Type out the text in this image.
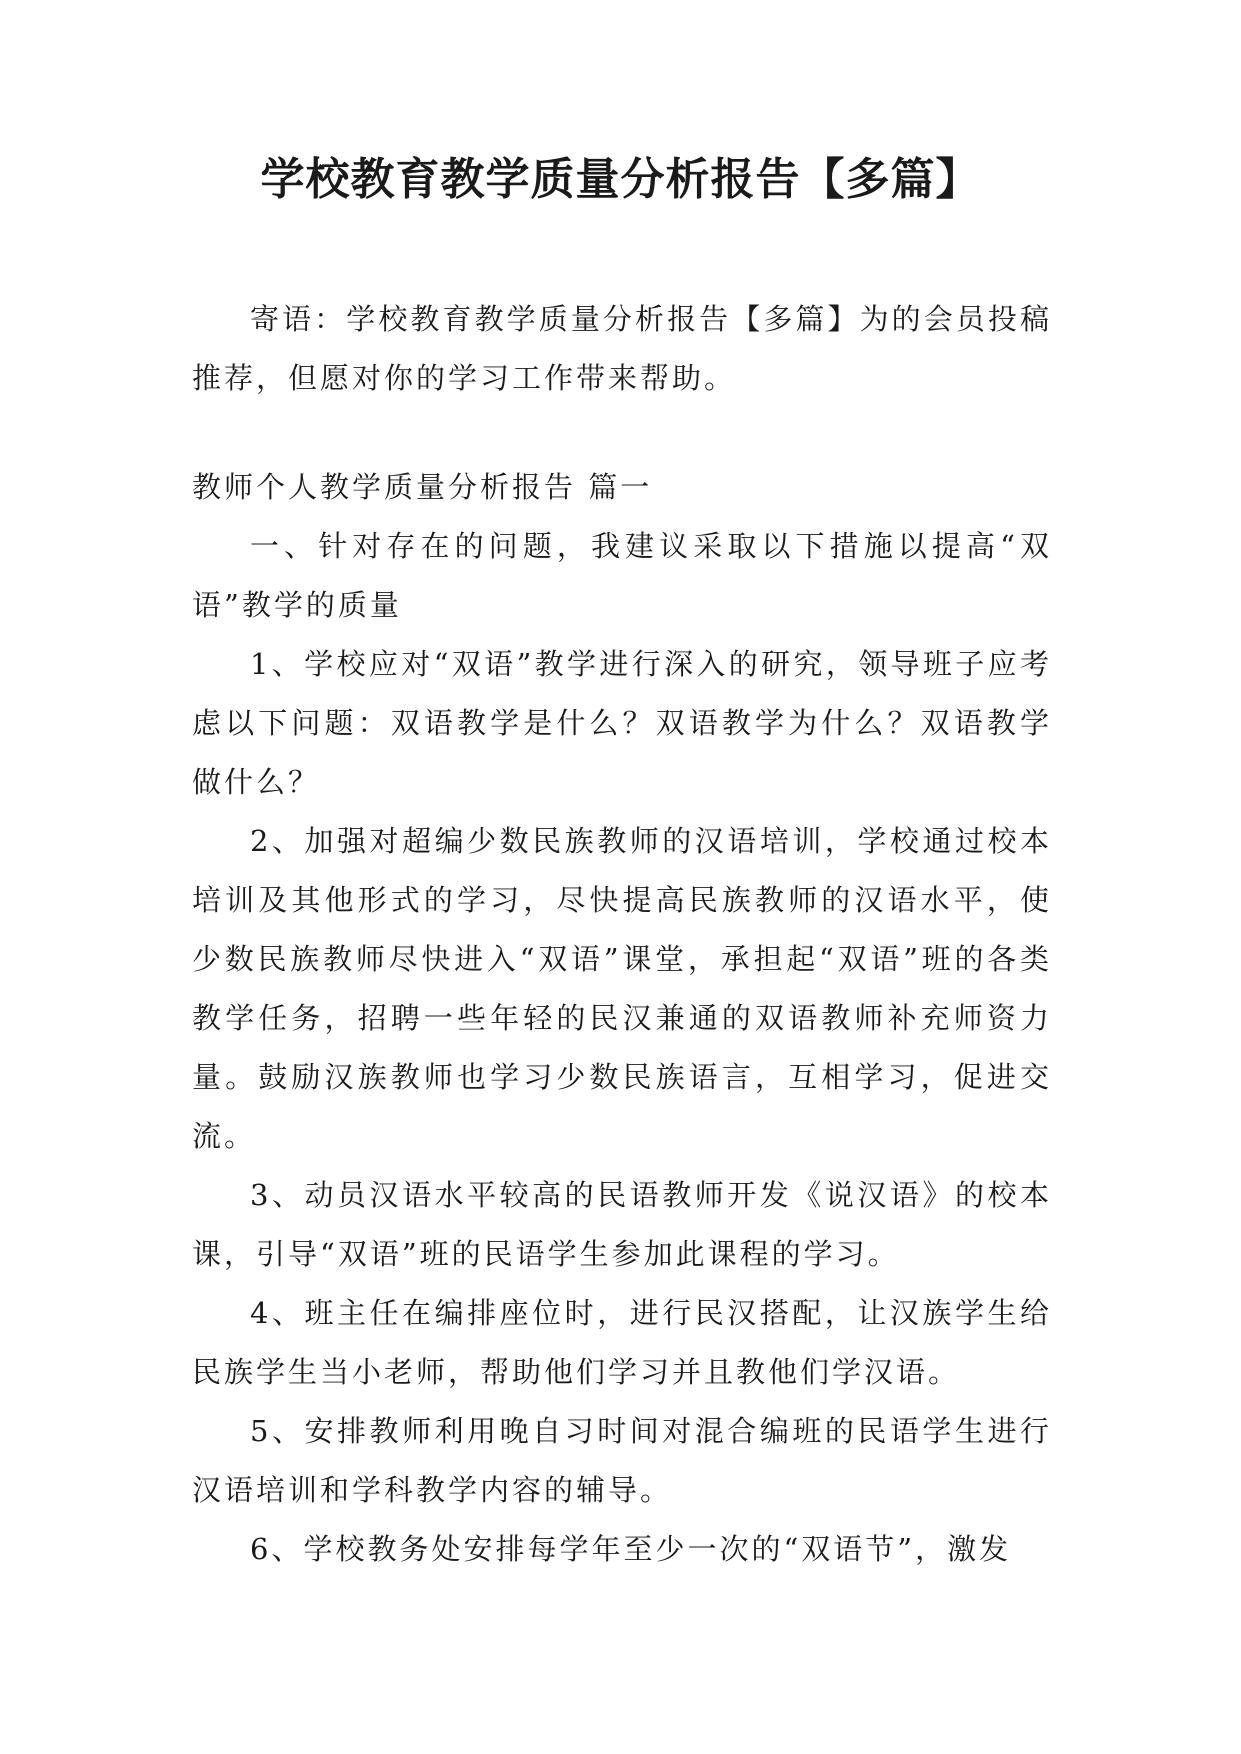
学校教育教学质量分析报告【多篇】

寄语：学校教育教学质量分析报告【多篇】为的会员投稿推荐，但愿对你的学习工作带来帮助。

教师个人教学质量分析报告 篇一

一、针对存在的问题，我建议采取以下措施以提高“双语”教学的质量

1、学校应对“双语”教学进行深入的研究，领导班子应考虑以下问题：双语教学是什么？双语教学为什么？双语教学做什么？

2、加强对超编少数民族教师的汉语培训，学校通过校本培训及其他形式的学习，尽快提高民族教师的汉语水平，使少数民族教师尽快进入“双语”课堂，承担起“双语”班的各类教学任务，招聘一些年轻的民汉兼通的双语教师补充师资力量。鼓励汉族教师也学习少数民族语言，互相学习，促进交流。

3、动员汉语水平较高的民语教师开发《说汉语》的校本课，引导“双语”班的民语学生参加此课程的学习。

4、班主任在编排座位时，进行民汉搭配，让汉族学生给民族学生当小老师，帮助他们学习并且教他们学汉语。

5、安排教师利用晚自习时间对混合编班的民语学生进行汉语培训和学科教学内容的辅导。

6、学校教务处安排每学年至少一次的“双语节”，激发
